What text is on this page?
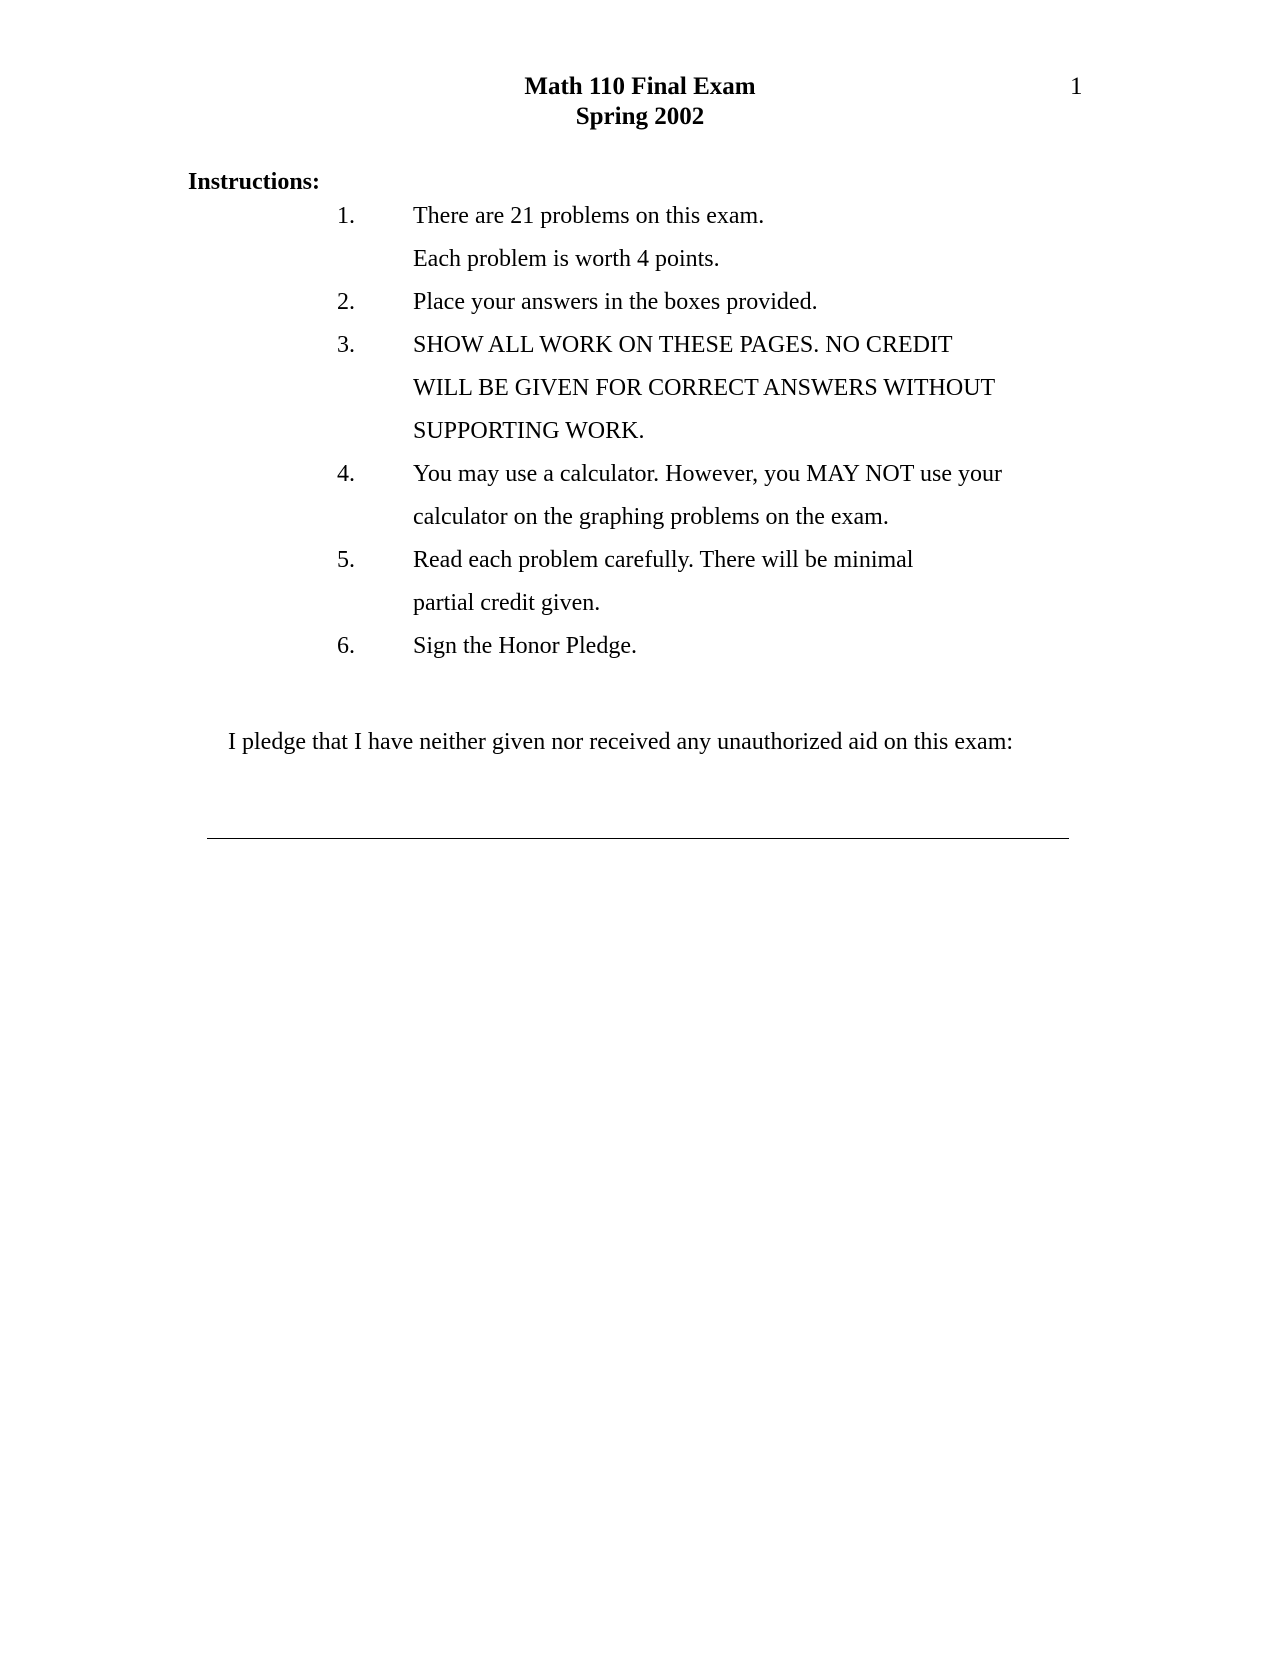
Math 110 Final Exam
Spring 2002
1
Instructions:
1. There are 21 problems on this exam.
Each problem is worth 4 points.
2. Place your answers in the boxes provided.
3. SHOW ALL WORK ON THESE PAGES. NO CREDIT
WILL BE GIVEN FOR CORRECT ANSWERS WITHOUT
SUPPORTING WORK.
4. You may use a calculator. However, you MAY NOT use your
calculator on the graphing problems on the exam.
5. Read each problem carefully. There will be minimal
partial credit given.
6. Sign the Honor Pledge.
I pledge that I have neither given nor received any unauthorized aid on this exam:
